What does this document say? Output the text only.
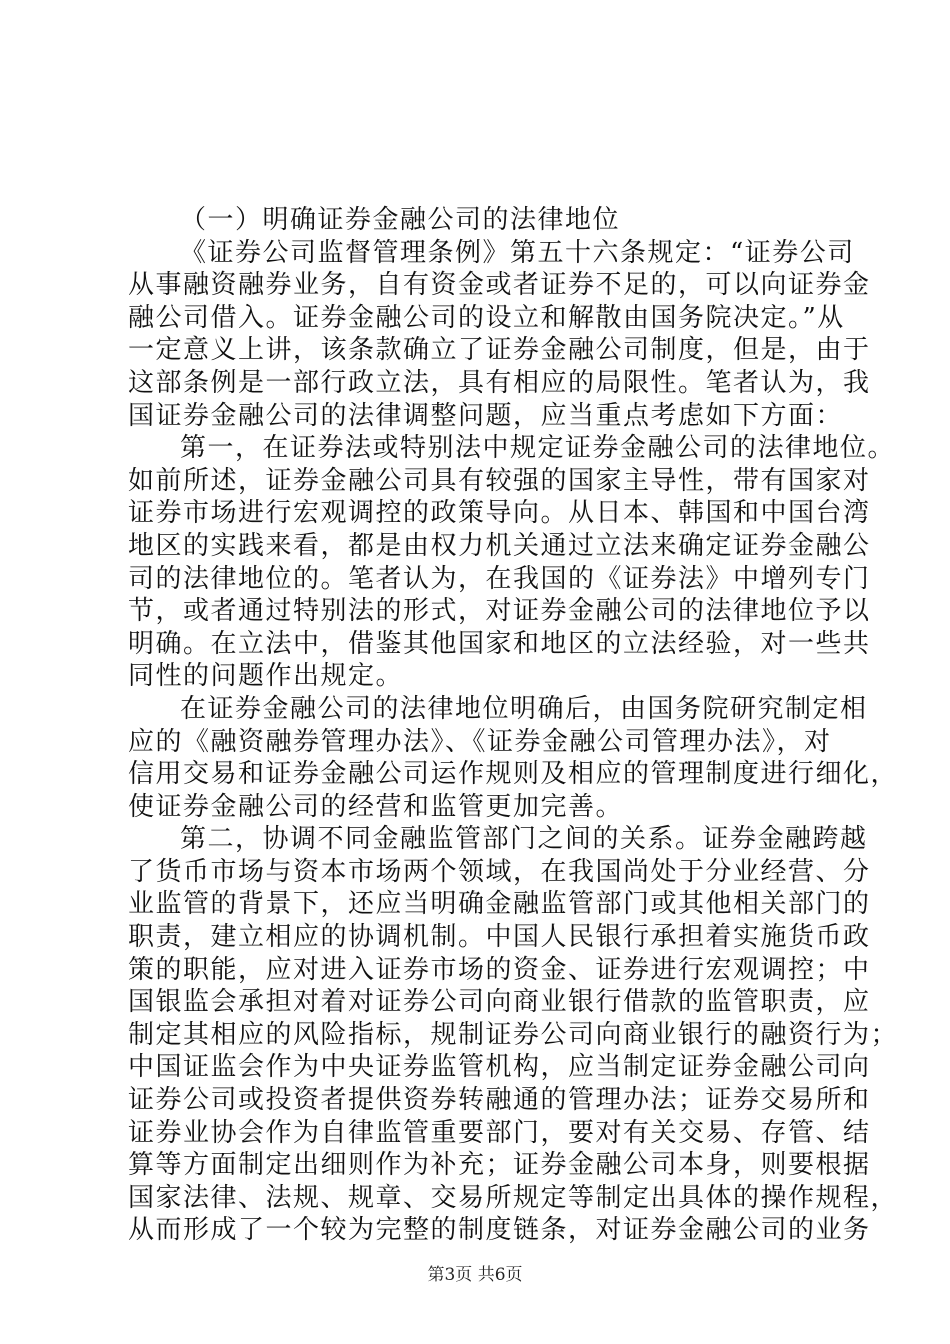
（一）明确证券金融公司的法律地位
《证券公司监督管理条例》第五十六条规定：“证券公司
从事融资融券业务，自有资金或者证券不足的，可以向证券金
融公司借入。证券金融公司的设立和解散由国务院决定。”从
一定意义上讲，该条款确立了证券金融公司制度，但是，由于
这部条例是一部行政立法，具有相应的局限性。笔者认为，我
国证券金融公司的法律调整问题，应当重点考虑如下方面：
第一，在证券法或特别法中规定证券金融公司的法律地位。
如前所述，证券金融公司具有较强的国家主导性，带有国家对
证券市场进行宏观调控的政策导向。从日本、韩国和中国台湾
地区的实践来看，都是由权力机关通过立法来确定证券金融公
司的法律地位的。笔者认为，在我国的《证券法》中增列专门
节，或者通过特别法的形式，对证券金融公司的法律地位予以
明确。在立法中，借鉴其他国家和地区的立法经验，对一些共
同性的问题作出规定。
在证券金融公司的法律地位明确后，由国务院研究制定相
应的《融资融券管理办法》、《证券金融公司管理办法》，对
信用交易和证券金融公司运作规则及相应的管理制度进行细化，
使证券金融公司的经营和监管更加完善。
第二，协调不同金融监管部门之间的关系。证券金融跨越
了货币市场与资本市场两个领域，在我国尚处于分业经营、分
业监管的背景下，还应当明确金融监管部门或其他相关部门的
职责，建立相应的协调机制。中国人民银行承担着实施货币政
策的职能，应对进入证券市场的资金、证券进行宏观调控；中
国银监会承担对着对证券公司向商业银行借款的监管职责，应
制定其相应的风险指标，规制证券公司向商业银行的融资行为；
中国证监会作为中央证券监管机构，应当制定证券金融公司向
证券公司或投资者提供资券转融通的管理办法；证券交易所和
证券业协会作为自律监管重要部门，要对有关交易、存管、结
算等方面制定出细则作为补充；证券金融公司本身，则要根据
国家法律、法规、规章、交易所规定等制定出具体的操作规程，
从而形成了一个较为完整的制度链条，对证券金融公司的业务
第3页 共6页
